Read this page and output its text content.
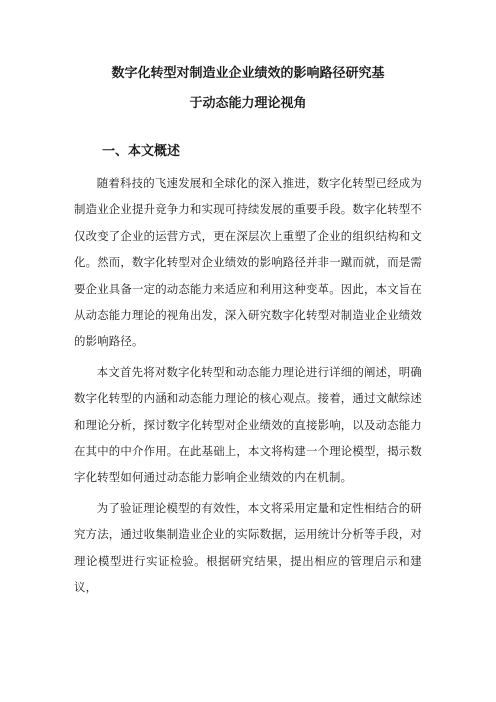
数字化转型对制造业企业绩效的影响路径研究基
于动态能力理论视角
一、本文概述

随着科技的飞速发展和全球化的深入推进，数字化转型已经成为制造业企业提升竞争力和实现可持续发展的重要手段。数字化转型不仅改变了企业的运营方式，更在深层次上重塑了企业的组织结构和文化。然而，数字化转型对企业绩效的影响路径并非一蹴而就，而是需要企业具备一定的动态能力来适应和利用这种变革。因此，本文旨在从动态能力理论的视角出发，深入研究数字化转型对制造业企业绩效的影响路径。

本文首先将对数字化转型和动态能力理论进行详细的阐述，明确数字化转型的内涵和动态能力理论的核心观点。接着，通过文献综述和理论分析，探讨数字化转型对企业绩效的直接影响，以及动态能力在其中的中介作用。在此基础上，本文将构建一个理论模型，揭示数字化转型如何通过动态能力影响企业绩效的内在机制。

为了验证理论模型的有效性，本文将采用定量和定性相结合的研究方法，通过收集制造业企业的实际数据，运用统计分析等手段，对理论模型进行实证检验。根据研究结果，提出相应的管理启示和建议，
